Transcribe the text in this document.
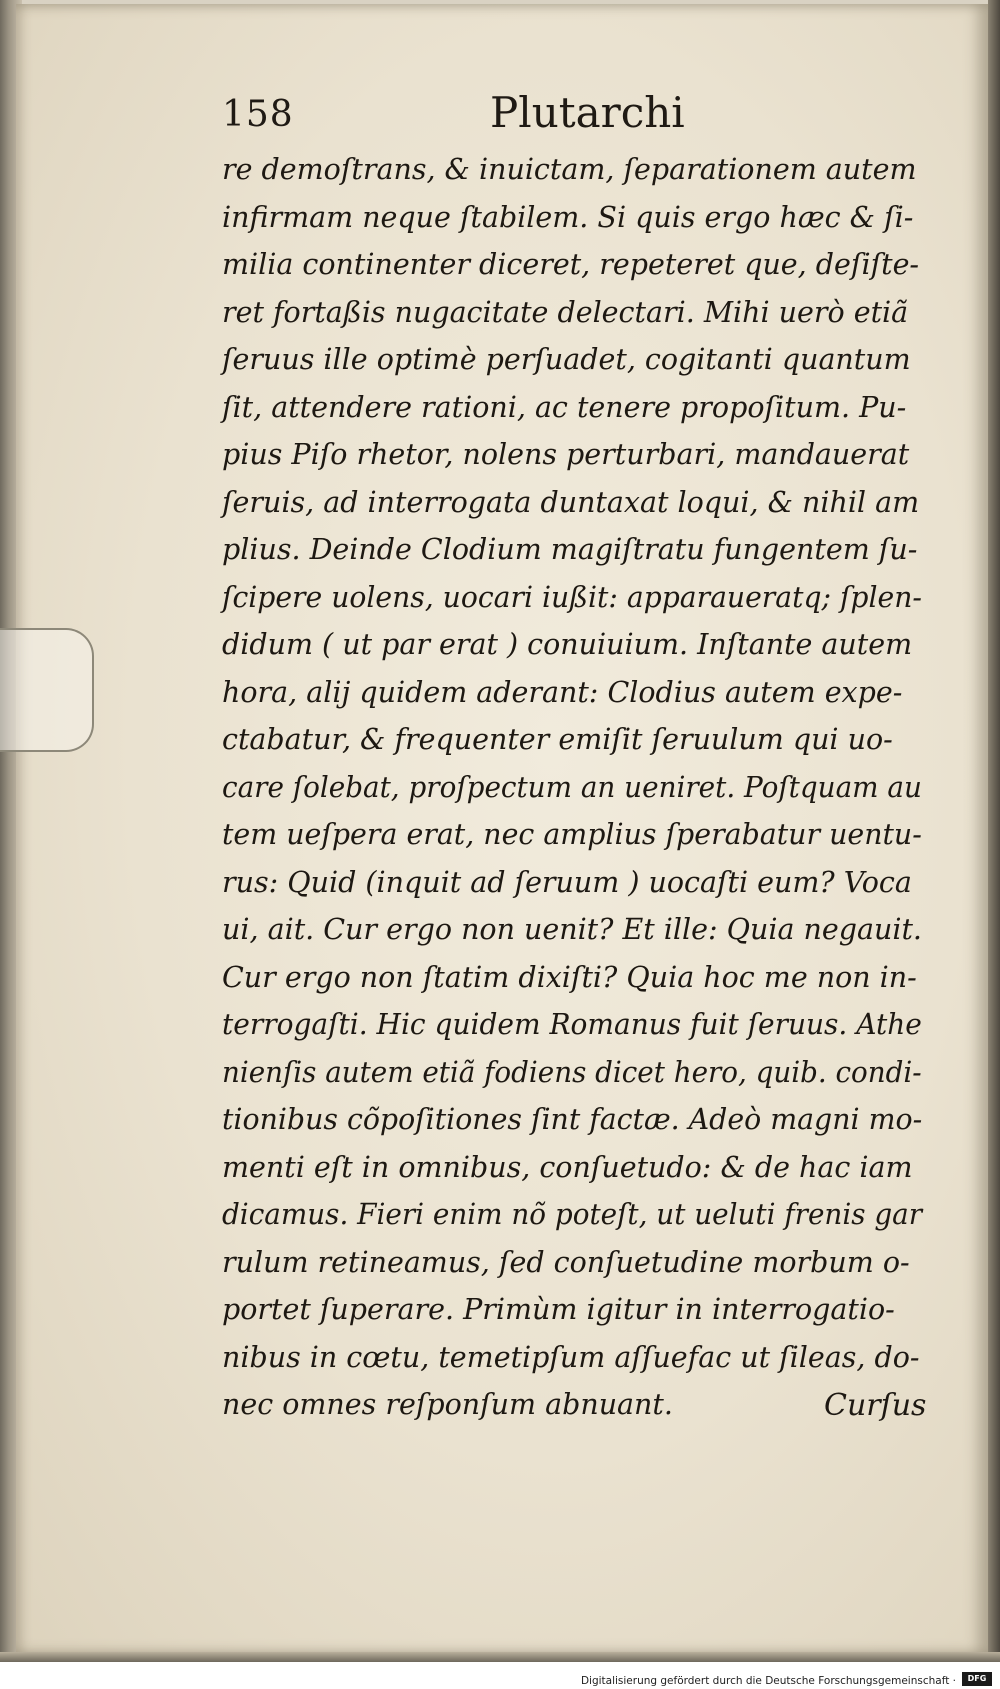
158	Plutarchi
re demoſtrans, & inuictam, ſeparationem autem
infirmam neque ſtabilem. Si quis ergo hæc & ſi-
milia continenter diceret, repeteret que, deſiſte-
ret fortaßis nugacitate delectari. Mihi uerò etiã
ſeruus ille optimè perſuadet, cogitanti quantum
ſit, attendere rationi, ac tenere propoſitum. Pu-
pius Piſo rhetor, nolens perturbari, mandauerat
ſeruis, ad interrogata duntaxat loqui, & nihil am
plius. Deinde Clodium magiſtratu fungentem ſu-
ſcipere uolens, uocari iußit: apparaueratq; ſplen-
didum ( ut par erat ) conuiuium. Inſtante autem
hora, alij quidem aderant: Clodius autem expe-
ctabatur, & frequenter emiſit ſeruulum qui uo-
care ſolebat, proſpectum an ueniret. Poſtquam au
tem ueſpera erat, nec amplius ſperabatur uentu-
rus: Quid (inquit ad ſeruum ) uocaſti eum? Voca
ui, ait. Cur ergo non uenit? Et ille: Quia negauit.
Cur ergo non ſtatim dixiſti? Quia hoc me non in-
terrogaſti. Hic quidem Romanus fuit ſeruus. Athe
nienſis autem etiã fodiens dicet hero, quib. condi-
tionibus cõpoſitiones ſint factæ. Adeò magni mo-
menti eſt in omnibus, conſuetudo: & de hac iam
dicamus. Fieri enim nõ poteſt, ut ueluti frenis gar
rulum retineamus, ſed conſuetudine morbum o-
portet ſuperare. Primùm igitur in interrogatio-
nibus in cœtu, temetipſum aſſuefac ut ſileas, do-
nec omnes reſponſum abnuant.	Curſus
Digitalisierung gefördert durch die Deutsche Forschungsgemeinschaft ·	DFG
